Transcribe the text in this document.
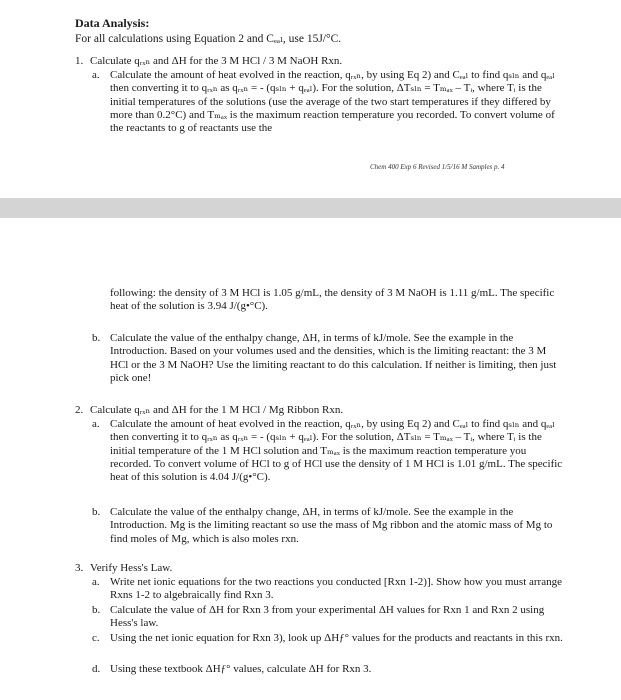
Data Analysis:

For all calculations using Equation 2 and Cₑₐₗ, use 15J/°C.

1. Calculate qᵣₓₙ and ΔH for the 3 M HCl / 3 M NaOH Rxn.

a. Calculate the amount of heat evolved in the reaction, qᵣₓₙ, by using Eq 2) and Cₑₐₗ to find qₛₗₙ and qₑₐₗ then converting it to qᵣₓₙ as qᵣₓₙ = - (qₛₗₙ + qₑₐₗ). For the solution, ΔTₛₗₙ = Tₘₐₓ – Tᵢ, where Tᵢ is the initial temperatures of the solutions (use the average of the two start temperatures if they differed by more than 0.2°C) and Tₘₐₓ is the maximum reaction temperature you recorded. To convert volume of the reactants to g of reactants use the

Chem 400 Exp 6 Revised 1/5/16 M Samples p. 4

following: the density of 3 M HCl is 1.05 g/mL, the density of 3 M NaOH is 1.11 g/mL. The specific heat of the solution is 3.94 J/(g•°C).

b. Calculate the value of the enthalpy change, ΔH, in terms of kJ/mole. See the example in the Introduction. Based on your volumes used and the densities, which is the limiting reactant: the 3 M HCl or the 3 M NaOH? Use the limiting reactant to do this calculation. If neither is limiting, then just pick one!

2. Calculate qᵣₓₙ and ΔH for the 1 M HCl / Mg Ribbon Rxn.

a. Calculate the amount of heat evolved in the reaction, qᵣₓₙ, by using Eq 2) and Cₑₐₗ to find qₛₗₙ and qₑₐₗ then converting it to qᵣₓₙ as qᵣₓₙ = - (qₛₗₙ + qₑₐₗ). For the solution, ΔTₛₗₙ = Tₘₐₓ – Tᵢ, where Tᵢ is the initial temperature of the 1 M HCl solution and Tₘₐₓ is the maximum reaction temperature you recorded. To convert volume of HCl to g of HCl use the density of 1 M HCl is 1.01 g/mL. The specific heat of this solution is 4.04 J/(g•°C).

b. Calculate the value of the enthalpy change, ΔH, in terms of kJ/mole. See the example in the Introduction. Mg is the limiting reactant so use the mass of Mg ribbon and the atomic mass of Mg to find moles of Mg, which is also moles rxn.

3. Verify Hess's Law.

a. Write net ionic equations for the two reactions you conducted [Rxn 1-2)]. Show how you must arrange Rxns 1-2 to algebraically find Rxn 3.

b. Calculate the value of ΔH for Rxn 3 from your experimental ΔH values for Rxn 1 and Rxn 2 using Hess's law.

c. Using the net ionic equation for Rxn 3), look up ΔHƒ° values for the products and reactants in this rxn.

d. Using these textbook ΔHƒ° values, calculate ΔH for Rxn 3.
